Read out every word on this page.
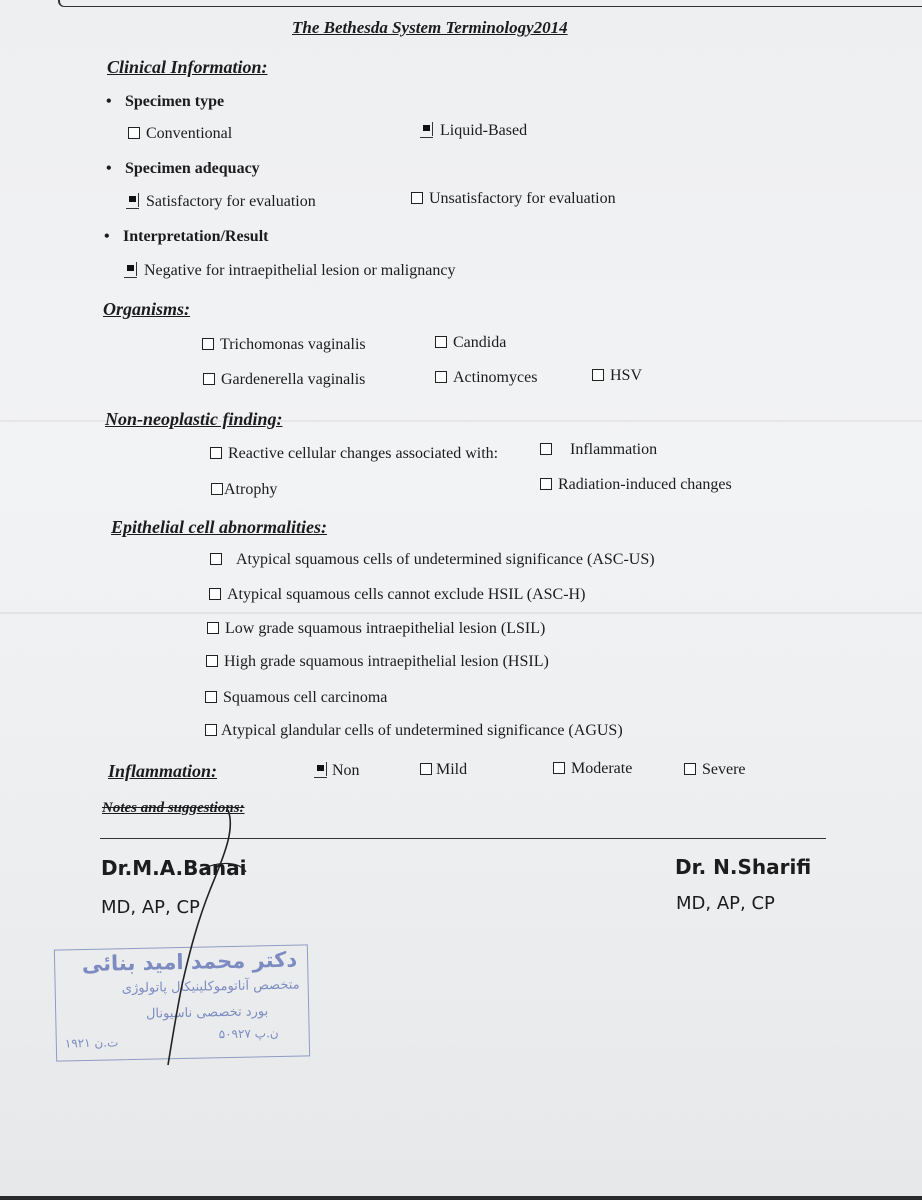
The Bethesda System Terminology2014
Clinical Information:
• Specimen type
Conventional	Liquid-Based
• Specimen adequacy
Satisfactory for evaluation	Unsatisfactory for evaluation
• Interpretation/Result
Negative for intraepithelial lesion or malignancy
Organisms:
Trichomonas vaginalis	Candida
Gardenerella vaginalis	Actinomyces	HSV
Non-neoplastic finding:
Reactive cellular changes associated with:	Inflammation
Atrophy	Radiation-induced changes
Epithelial cell abnormalities:
Atypical squamous cells of undetermined significance (ASC-US)
Atypical squamous cells cannot exclude HSIL (ASC-H)
Low grade squamous intraepithelial lesion (LSIL)
High grade squamous intraepithelial lesion (HSIL)
Squamous cell carcinoma
Atypical glandular cells of undetermined significance (AGUS)
Inflammation:	Non	Mild	Moderate	Severe
Notes and suggestions:
Dr.M.A.Banai
MD, AP, CP
Dr. N.Sharifi
MD, AP, CP
دکتر محمد امید بنائی
متخصص آناتوموکلینیکال پاتولوژی
بورد تخصصی ناسیونال
ن.پ ۵۰۹۲۷
۱۹۲۱ ت.ن
